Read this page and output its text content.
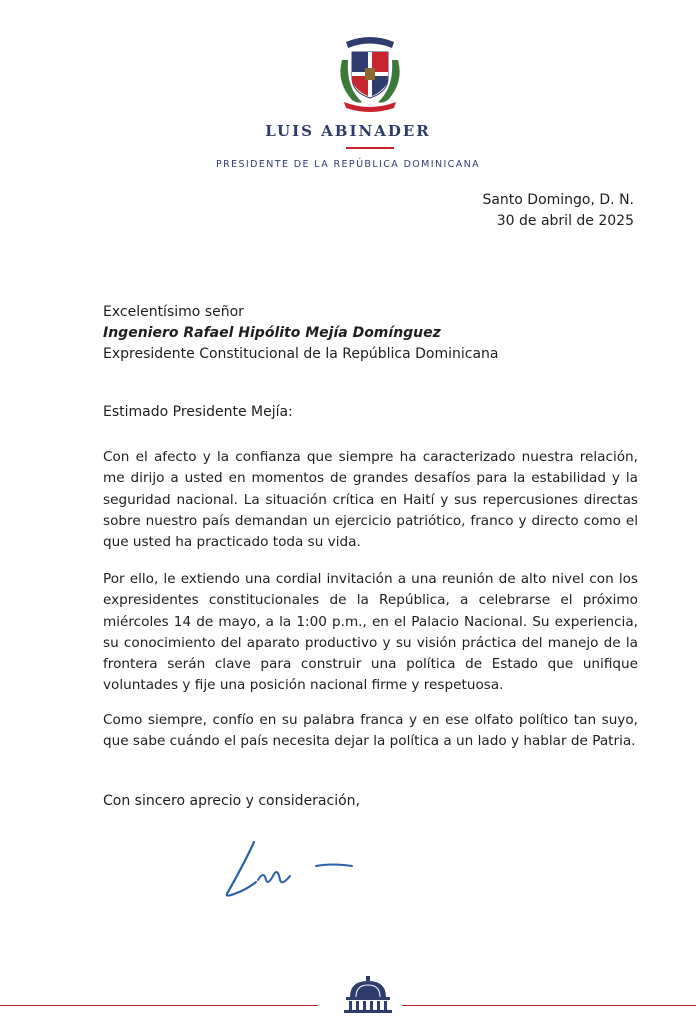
LUIS ABINADER
PRESIDENTE DE LA REPÚBLICA DOMINICANA
Santo Domingo, D. N.
30 de abril de 2025
Excelentísimo señor
Ingeniero Rafael Hipólito Mejía Domínguez
Expresidente Constitucional de la República Dominicana
Estimado Presidente Mejía:

Con el afecto y la confianza que siempre ha caracterizado nuestra relación, me dirijo a usted en momentos de grandes desafíos para la estabilidad y la seguridad nacional. La situación crítica en Haití y sus repercusiones directas sobre nuestro país demandan un ejercicio patriótico, franco y directo como el que usted ha practicado toda su vida.

Por ello, le extiendo una cordial invitación a una reunión de alto nivel con los expresidentes constitucionales de la República, a celebrarse el próximo miércoles 14 de mayo, a la 1:00 p.m., en el Palacio Nacional. Su experiencia, su conocimiento del aparato productivo y su visión práctica del manejo de la frontera serán clave para construir una política de Estado que unifique voluntades y fije una posición nacional firme y respetuosa.

Como siempre, confío en su palabra franca y en ese olfato político tan suyo, que sabe cuándo el país necesita dejar la política a un lado y hablar de Patria.

Con sincero aprecio y consideración,
